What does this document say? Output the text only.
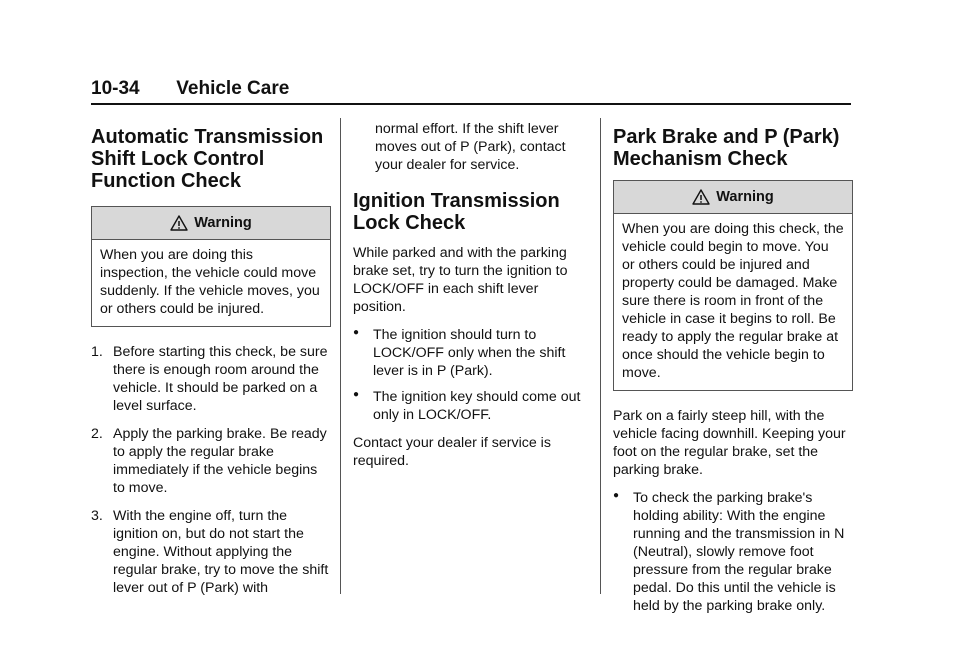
10-34 Vehicle Care
Automatic Transmission Shift Lock Control Function Check
Warning
When you are doing this inspection, the vehicle could move suddenly. If the vehicle moves, you or others could be injured.
1. Before starting this check, be sure there is enough room around the vehicle. It should be parked on a level surface.
2. Apply the parking brake. Be ready to apply the regular brake immediately if the vehicle begins to move.
3. With the engine off, turn the ignition on, but do not start the engine. Without applying the regular brake, try to move the shift lever out of P (Park) with

normal effort. If the shift lever moves out of P (Park), contact your dealer for service.

Ignition Transmission Lock Check

While parked and with the parking brake set, try to turn the ignition to LOCK/OFF in each shift lever position.

● The ignition should turn to LOCK/OFF only when the shift lever is in P (Park).
● The ignition key should come out only in LOCK/OFF.

Contact your dealer if service is required.

Park Brake and P (Park) Mechanism Check
Warning
When you are doing this check, the vehicle could begin to move. You or others could be injured and property could be damaged. Make sure there is room in front of the vehicle in case it begins to roll. Be ready to apply the regular brake at once should the vehicle begin to move.

Park on a fairly steep hill, with the vehicle facing downhill. Keeping your foot on the regular brake, set the parking brake.

● To check the parking brake's holding ability: With the engine running and the transmission in N (Neutral), slowly remove foot pressure from the regular brake pedal. Do this until the vehicle is held by the parking brake only.
